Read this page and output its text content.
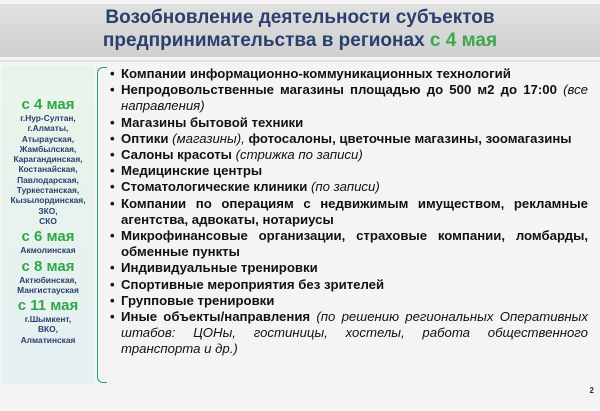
Возобновление деятельности субъектов
предпринимательства в регионах с 4 мая
с 4 мая
г.Нур-Султан,
г.Алматы,
Атырауская,
Жамбылская,
Карагандинская,
Костанайская,
Павлодарская,
Туркестанская,
Кызылординская,
ЗКО,
СКО
с 6 мая
Акмолинская
с 8 мая
Актюбинская,
Мангистауская
с 11 мая
г.Шымкент,
ВКО,
Алматинская
• Компании информационно-коммуникационных технологий
• Непродовольственные магазины площадью до 500 м2 до 17:00 (все направления)
• Магазины бытовой техники
• Оптики (магазины), фотосалоны, цветочные магазины, зоомагазины
• Салоны красоты (стрижка по записи)
• Медицинские центры
• Стоматологические клиники (по записи)
• Компании по операциям с недвижимым имуществом, рекламные агентства, адвокаты, нотариусы
• Микрофинансовые организации, страховые компании, ломбарды, обменные пункты
• Индивидуальные тренировки
• Спортивные мероприятия без зрителей
• Групповые тренировки
• Иные объекты/направления (по решению региональных Оперативных штабов: ЦОНы, гостиницы, хостелы, работа общественного транспорта и др.)
2
